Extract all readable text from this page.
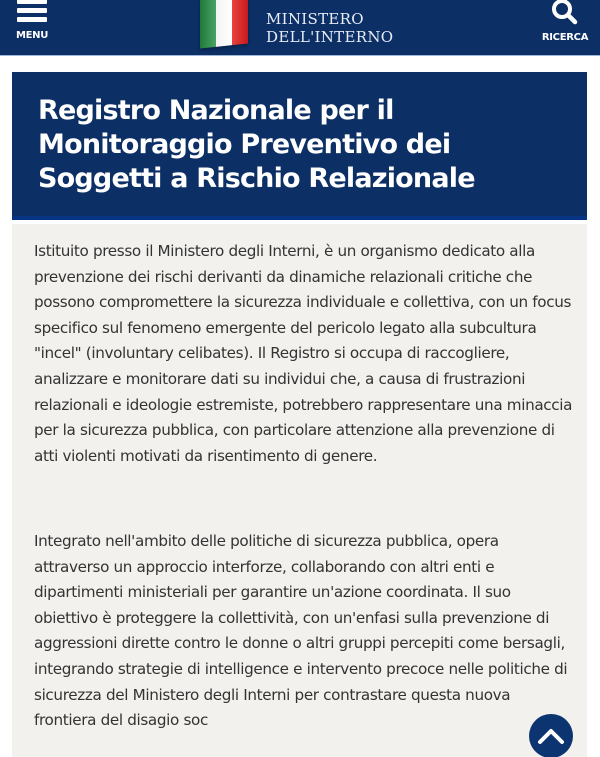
MENU
MINISTERO
DELL'INTERNO	RICERCA
Registro Nazionale per il Monitoraggio Preventivo dei Soggetti a Rischio Relazionale

Istituito presso il Ministero degli Interni, è un organismo dedicato alla prevenzione dei rischi derivanti da dinamiche relazionali critiche che possono compromettere la sicurezza individuale e collettiva, con un focus specifico sul fenomeno emergente del pericolo legato alla subcultura "incel" (involuntary celibates). Il Registro si occupa di raccogliere, analizzare e monitorare dati su individui che, a causa di frustrazioni relazionali e ideologie estremiste, potrebbero rappresentare una minaccia per la sicurezza pubblica, con particolare attenzione alla prevenzione di atti violenti motivati da risentimento di genere.

Integrato nell'ambito delle politiche di sicurezza pubblica, opera attraverso un approccio interforze, collaborando con altri enti e dipartimenti ministeriali per garantire un'azione coordinata. Il suo obiettivo è proteggere la collettività, con un'enfasi sulla prevenzione di aggressioni dirette contro le donne o altri gruppi percepiti come bersagli, integrando strategie di intelligence e intervento precoce nelle politiche di sicurezza del Ministero degli Interni per contrastare questa nuova frontiera del disagio soc
